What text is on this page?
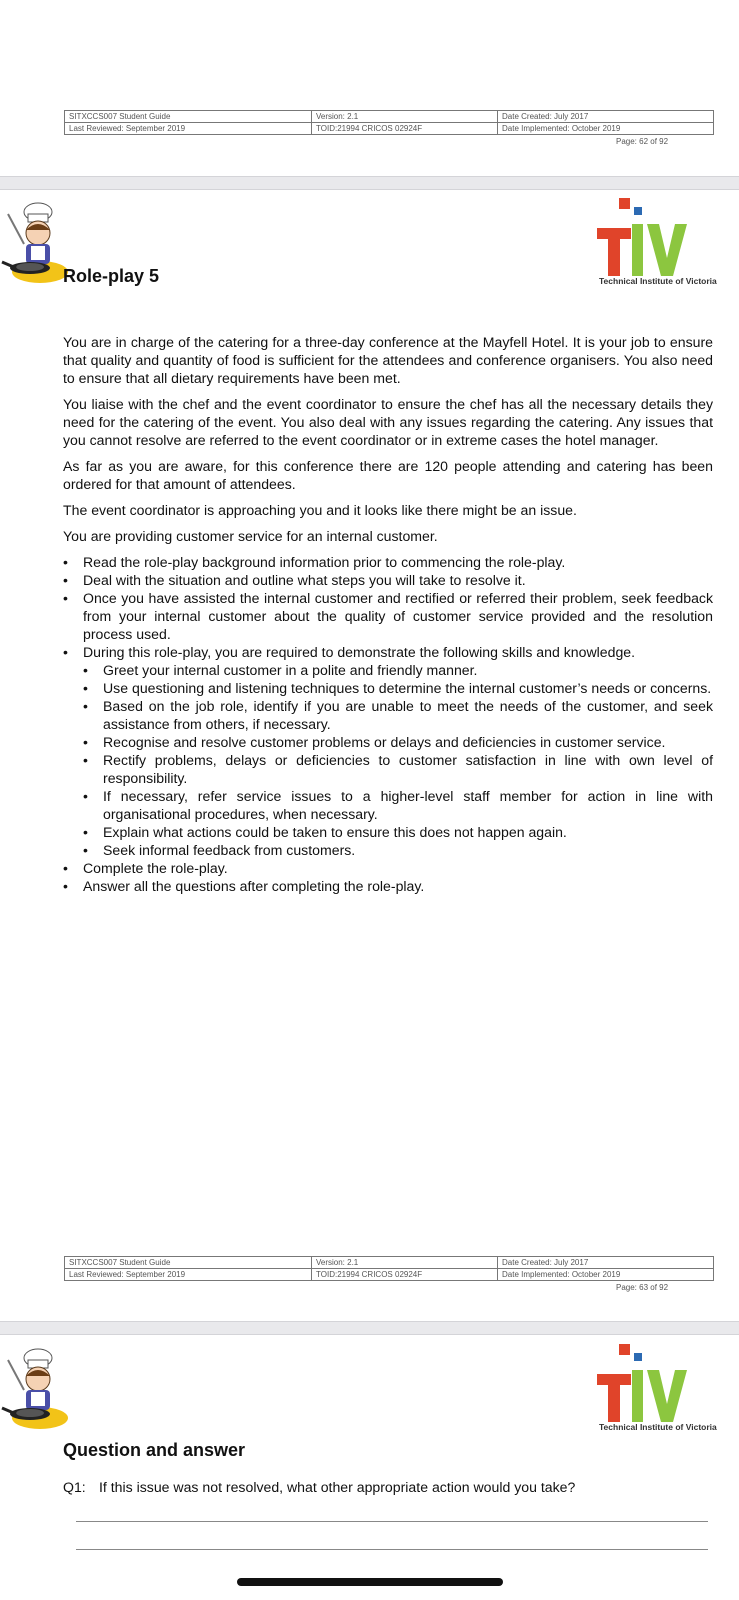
SITXCCS007 Student Guide	Version: 2.1	Date Created: July 2017
Last Reviewed: September 2019	TOID:21994 CRICOS 02924F	Date Implemented: October 2019
Page: 62 of 92
Technical Institute of Victoria
Role-play 5

You are in charge of the catering for a three-day conference at the Mayfell Hotel. It is your job to ensure that quality and quantity of food is sufficient for the attendees and conference organisers. You also need to ensure that all dietary requirements have been met.

You liaise with the chef and the event coordinator to ensure the chef has all the necessary details they need for the catering of the event. You also deal with any issues regarding the catering. Any issues that you cannot resolve are referred to the event coordinator or in extreme cases the hotel manager.

As far as you are aware, for this conference there are 120 people attending and catering has been ordered for that amount of attendees.

The event coordinator is approaching you and it looks like there might be an issue.

You are providing customer service for an internal customer.

• Read the role-play background information prior to commencing the role-play.
• Deal with the situation and outline what steps you will take to resolve it.
• Once you have assisted the internal customer and rectified or referred their problem, seek feedback from your internal customer about the quality of customer service provided and the resolution process used.
• During this role-play, you are required to demonstrate the following skills and knowledge.
• Greet your internal customer in a polite and friendly manner.
• Use questioning and listening techniques to determine the internal customer’s needs or concerns.
• Based on the job role, identify if you are unable to meet the needs of the customer, and seek assistance from others, if necessary.
• Recognise and resolve customer problems or delays and deficiencies in customer service.
• Rectify problems, delays or deficiencies to customer satisfaction in line with own level of responsibility.
• If necessary, refer service issues to a higher-level staff member for action in line with organisational procedures, when necessary.
• Explain what actions could be taken to ensure this does not happen again.
• Seek informal feedback from customers.
• Complete the role-play.
• Answer all the questions after completing the role-play.
SITXCCS007 Student Guide	Version: 2.1	Date Created: July 2017
Last Reviewed: September 2019	TOID:21994 CRICOS 02924F	Date Implemented: October 2019
Page: 63 of 92
Technical Institute of Victoria
Question and answer
Q1: If this issue was not resolved, what other appropriate action would you take?
